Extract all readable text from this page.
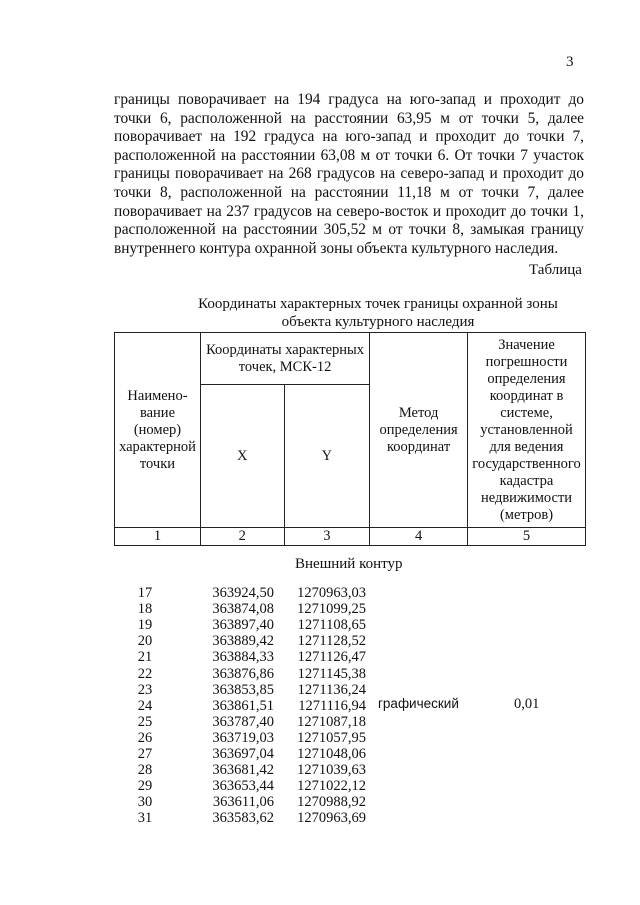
3

границы поворачивает на 194 градуса на юго-запад и проходит до точки 6, расположенной на расстоянии 63,95 м от точки 5, далее поворачивает на 192 градуса на юго-запад и проходит до точки 7, расположенной на расстоянии 63,08 м от точки 6. От точки 7 участок границы поворачивает на 268 градусов на северо-запад и проходит до точки 8, расположенной на расстоянии 11,18 м от точки 7, далее поворачивает на 237 градусов на северо-восток и проходит до точки 1, расположенной на расстоянии 305,52 м от точки 8, замыкая границу внутреннего контура охранной зоны объекта культурного наследия.

Таблица
Координаты характерных точек границы охранной зоны
объекта культурного наследия
Наимено-вание (номер) характерной точки	Координаты характерных точек, МСК-12		Метод определения координат	Значение погрешности определения координат в системе, установленной для ведения государственного кадастра недвижимости (метров)
	X	Y		
1	2	3	4	5
Внешний контур
17	363924,50	1270963,03
18	363874,08	1271099,25
19	363897,40	1271108,65
20	363889,42	1271128,52
21	363884,33	1271126,47
22	363876,86	1271145,38
23	363853,85	1271136,24
24	363861,51	1271116,94
25	363787,40	1271087,18
26	363719,03	1271057,95
27	363697,04	1271048,06
28	363681,42	1271039,63
29	363653,44	1271022,12
30	363611,06	1270988,92
31	363583,62	1270963,69
графический	0,01
